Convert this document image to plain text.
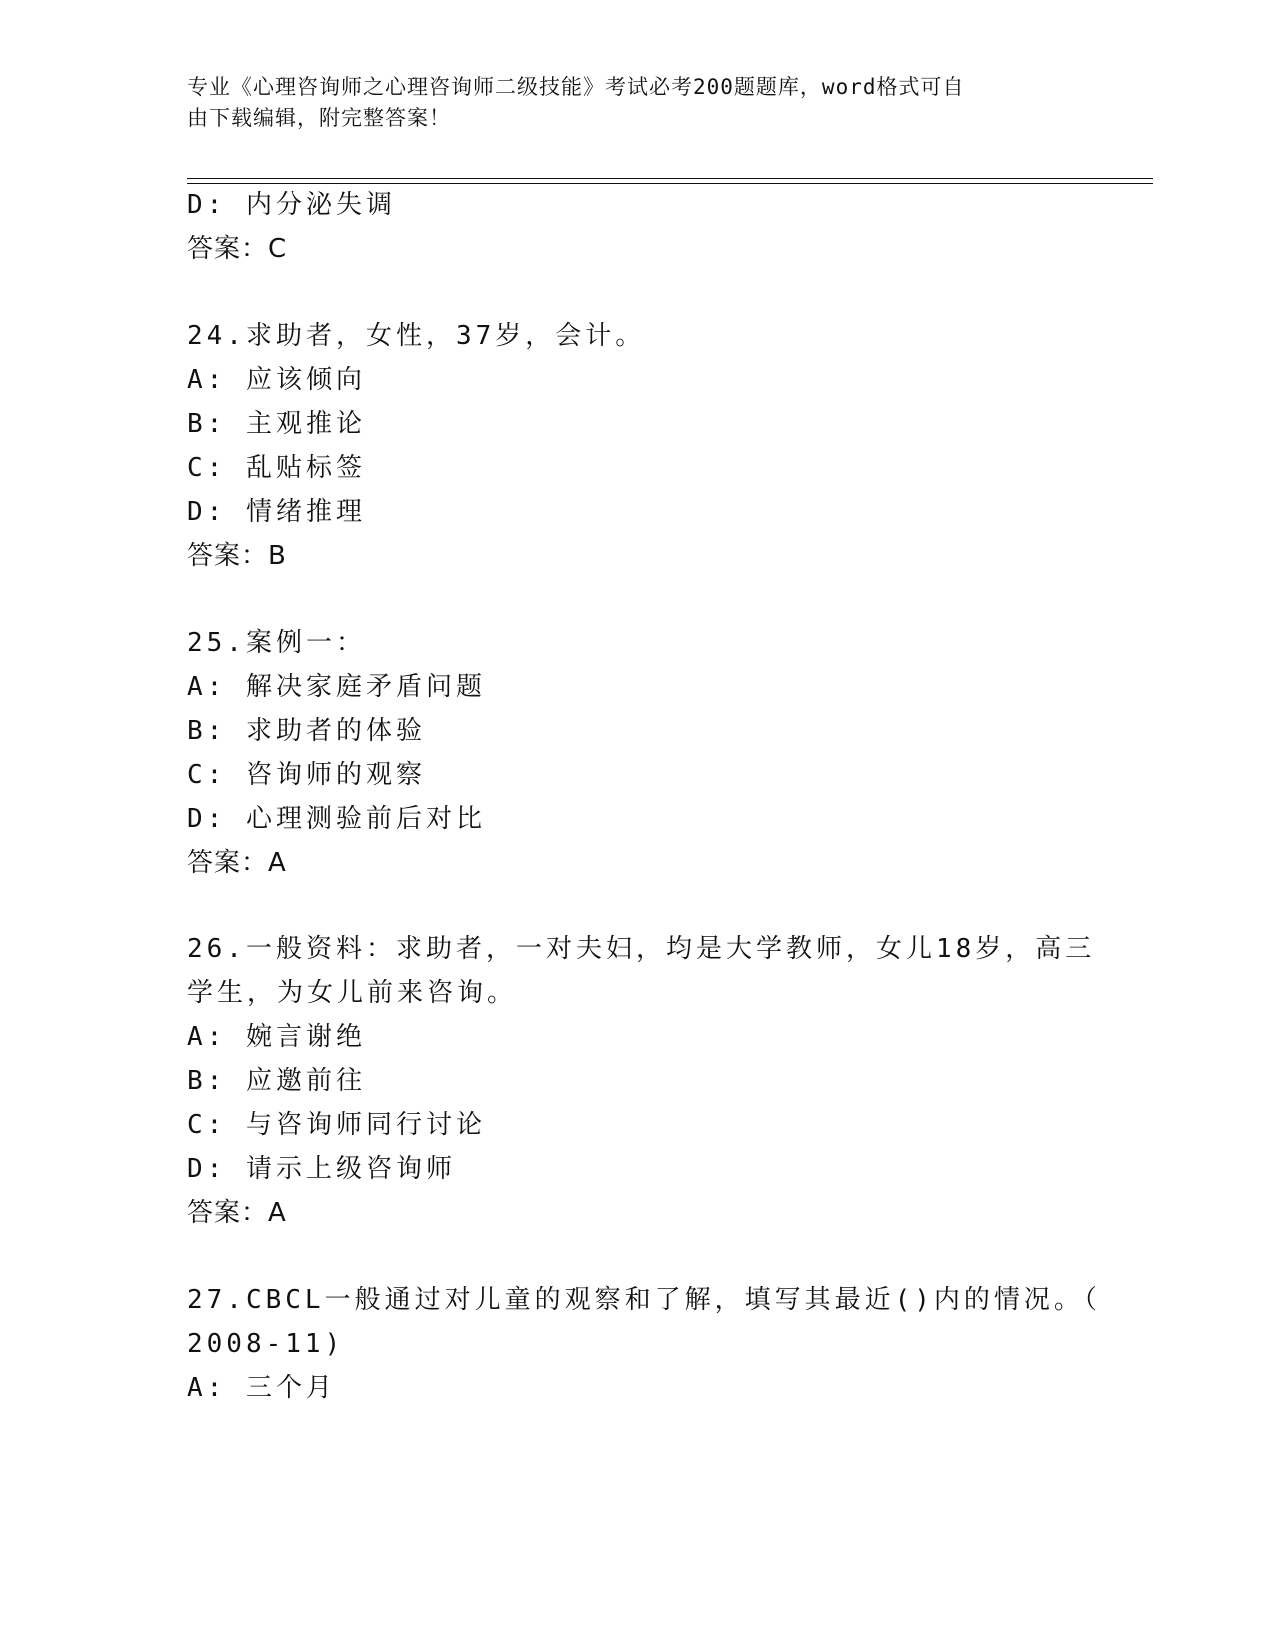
专业《心理咨询师之心理咨询师二级技能》考试必考200题题库，word格式可自
由下载编辑，附完整答案！
D: 内分泌失调
答案：C
24.求助者，女性，37岁，会计。
A: 应该倾向
B: 主观推论
C: 乱贴标签
D: 情绪推理
答案：B
25.案例一：
A: 解决家庭矛盾问题
B: 求助者的体验
C: 咨询师的观察
D: 心理测验前后对比
答案：A
26.一般资料：求助者，一对夫妇，均是大学教师，女儿18岁，高三
学生，为女儿前来咨询。
A: 婉言谢绝
B: 应邀前往
C: 与咨询师同行讨论
D: 请示上级咨询师
答案：A
27.CBCL一般通过对儿童的观察和了解，填写其最近()内的情况。（
2008-11)
A: 三个月
